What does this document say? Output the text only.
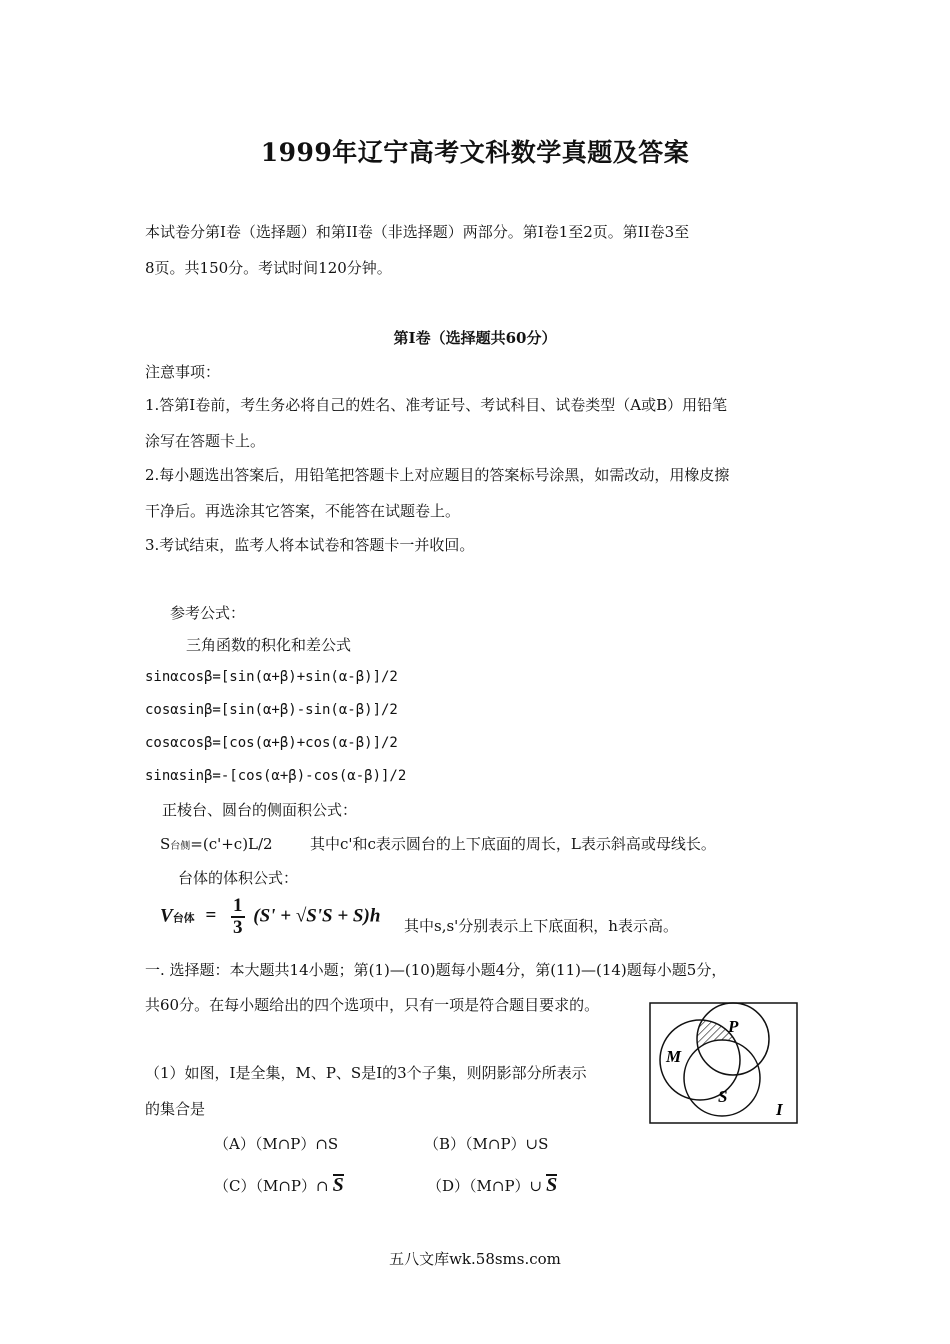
1999年辽宁高考文科数学真题及答案
本试卷分第I卷（选择题）和第II卷（非选择题）两部分。第I卷1至2页。第II卷3至
8页。共150分。考试时间120分钟。
第I卷（选择题共60分）
注意事项：
1.答第I卷前，考生务必将自己的姓名、准考证号、考试科目、试卷类型（A或B）用铅笔
涂写在答题卡上。
2.每小题选出答案后，用铅笔把答题卡上对应题目的答案标号涂黑，如需改动，用橡皮擦
干净后。再选涂其它答案，不能答在试题卷上。
3.考试结束，监考人将本试卷和答题卡一并收回。
参考公式：
三角函数的积化和差公式
sinαcosβ=[sin(α+β)+sin(α-β)]/2
cosαsinβ=[sin(α+β)-sin(α-β)]/2
cosαcosβ=[cos(α+β)+cos(α-β)]/2
sinαsinβ=-[cos(α+β)-cos(α-β)]/2
正棱台、圆台的侧面积公式：
S台侧=(c'+c)L/2 其中c'和c表示圆台的上下底面的周长，L表示斜高或母线长。
台体的体积公式：
V台体 = $\frac{1}{3} (S' + √S'S + S)h$ 其中s,s'分别表示上下底面积，h表示高。
一. 选择题：本大题共14小题；第(1)—(10)题每小题4分，第(11)—(14)题每小题5分，
共60分。在每小题给出的四个选项中，只有一项是符合题目要求的。
（1）如图，I是全集，M、P、S是I的3个子集，则阴影部分所表示
的集合是
（A）（M∩P）∩S	（B）（M∩P）∪S
（C）（M∩P）∩ S	（D）（M∩P）∪ S
M
P
S
I
五八文库wk.58sms.com
